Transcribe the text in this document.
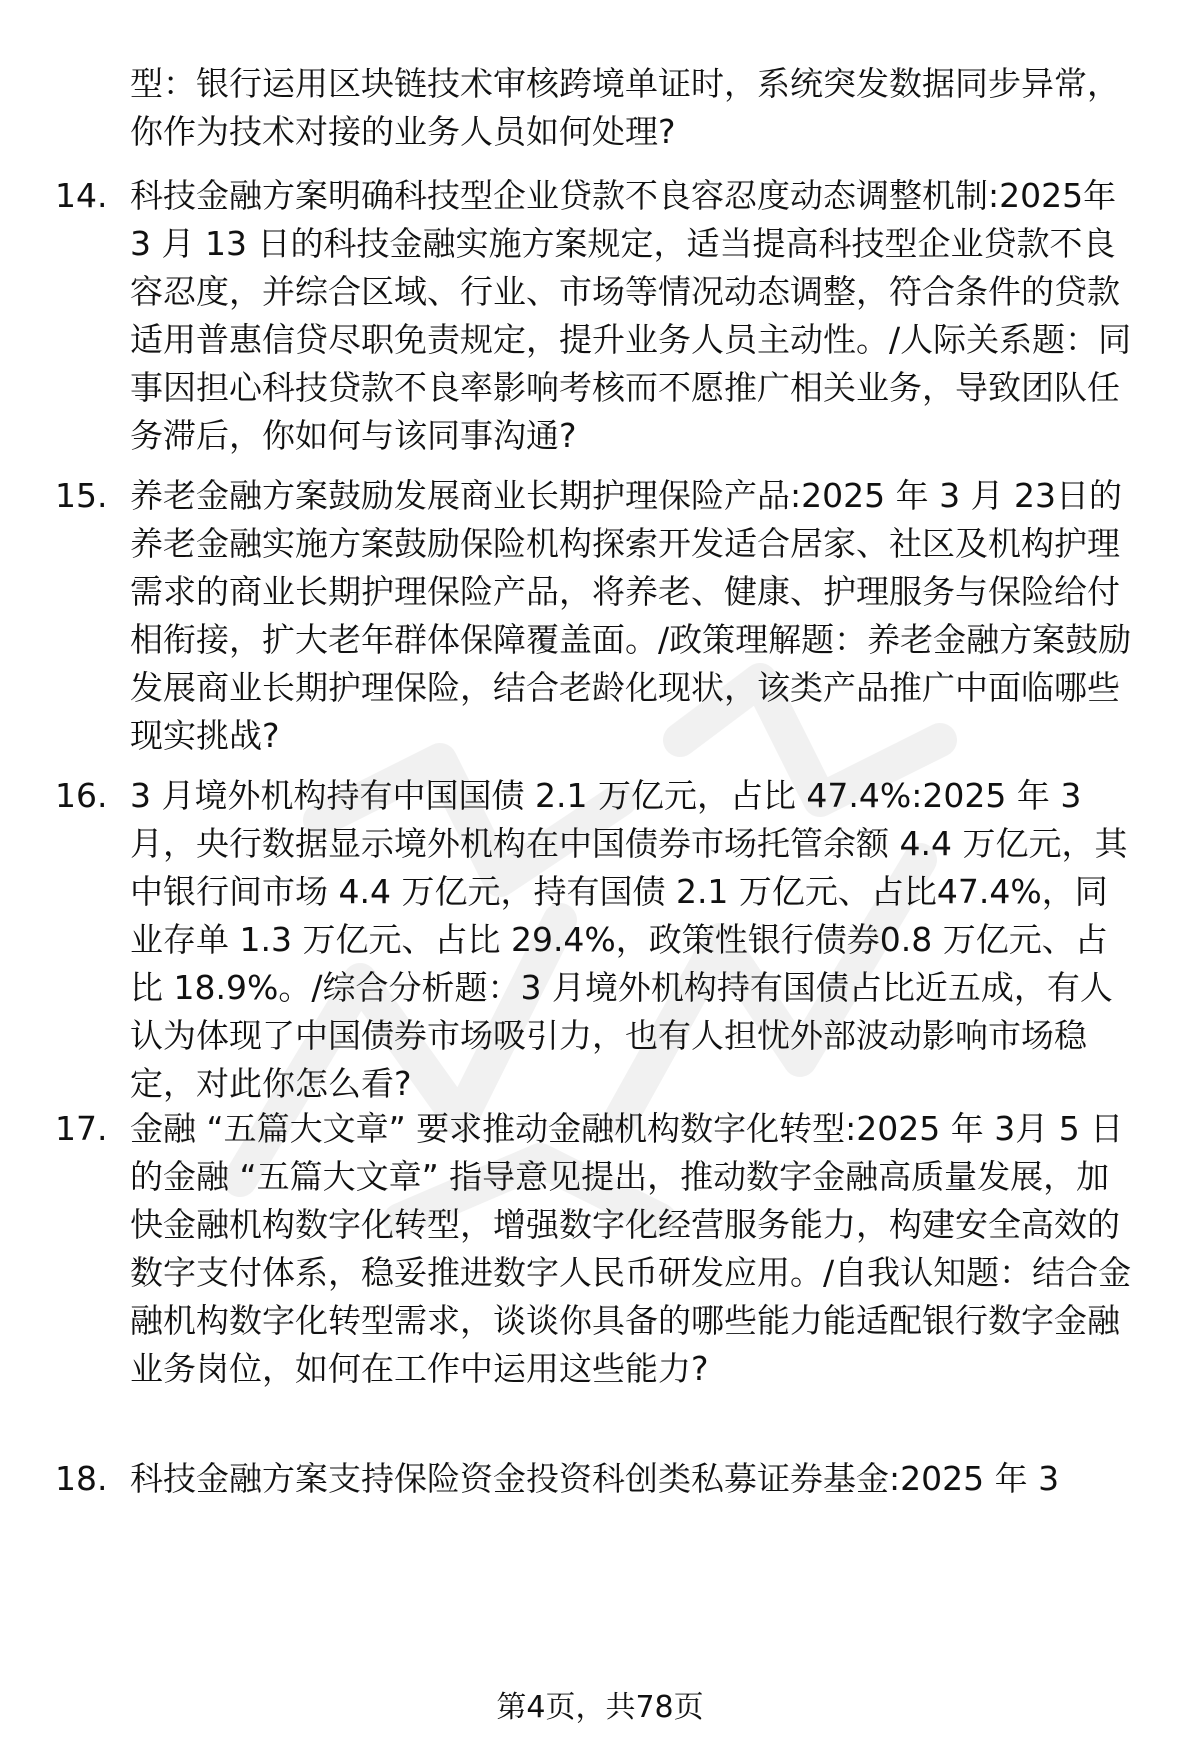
型：银行运用区块链技术审核跨境单证时，系统突发数据同步异常，你作为技术对接的业务人员如何处理?

14. 科技金融方案明确科技型企业贷款不良容忍度动态调整机制:2025年 3 月 13 日的科技金融实施方案规定，适当提高科技型企业贷款不良容忍度，并综合区域、行业、市场等情况动态调整，符合条件的贷款适用普惠信贷尽职免责规定，提升业务人员主动性。/人际关系题：同事因担心科技贷款不良率影响考核而不愿推广相关业务，导致团队任务滞后，你如何与该同事沟通?
15. 养老金融方案鼓励发展商业长期护理保险产品:2025 年 3 月 23日的养老金融实施方案鼓励保险机构探索开发适合居家、社区及机构护理需求的商业长期护理保险产品，将养老、健康、护理服务与保险给付相衔接，扩大老年群体保障覆盖面。/政策理解题：养老金融方案鼓励发展商业长期护理保险，结合老龄化现状，该类产品推广中面临哪些现实挑战?
16. 3 月境外机构持有中国国债 2.1 万亿元，占比 47.4%:2025 年 3月，央行数据显示境外机构在中国债券市场托管余额 4.4 万亿元，其中银行间市场 4.4 万亿元，持有国债 2.1 万亿元、占比47.4%，同业存单 1.3 万亿元、占比 29.4%，政策性银行债券0.8 万亿元、占比 18.9%。/综合分析题：3 月境外机构持有国债占比近五成，有人认为体现了中国债券市场吸引力，也有人担忧外部波动影响市场稳定，对此你怎么看?
17. 金融 “五篇大文章” 要求推动金融机构数字化转型:2025 年 3月 5 日的金融 “五篇大文章” 指导意见提出，推动数字金融高质量发展，加快金融机构数字化转型，增强数字化经营服务能力，构建安全高效的数字支付体系，稳妥推进数字人民币研发应用。/自我认知题：结合金融机构数字化转型需求，谈谈你具备的哪些能力能适配银行数字金融业务岗位，如何在工作中运用这些能力?
18. 科技金融方案支持保险资金投资科创类私募证券基金:2025 年 3
第4页，共78页
